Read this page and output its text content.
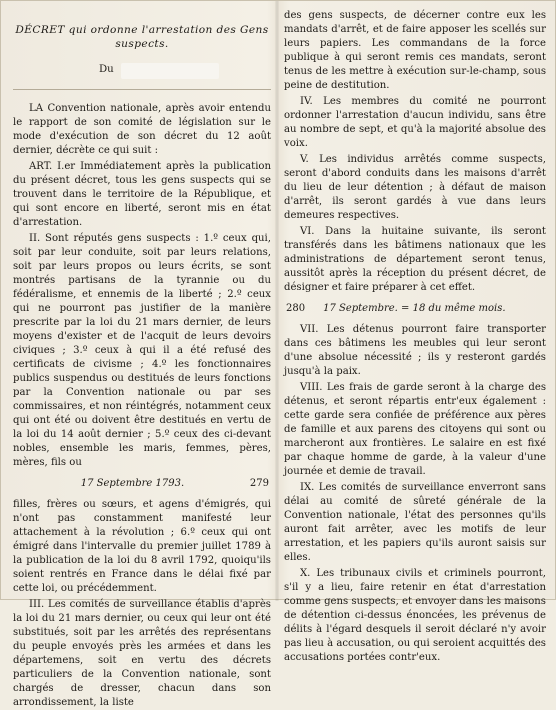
DÉCRET qui ordonne l'arrestation des Gens suspects.
Du

LA Convention nationale, après avoir entendu le rapport de son comité de législation sur le mode d'exécution de son décret du 12 août dernier, décrète ce qui suit :

ART. I.er Immédiatement après la publication du présent décret, tous les gens suspects qui se trouvent dans le territoire de la République, et qui sont encore en liberté, seront mis en état d'arrestation.

II. Sont réputés gens suspects : 1.º ceux qui, soit par leur conduite, soit par leurs relations, soit par leurs propos ou leurs écrits, se sont montrés partisans de la tyrannie ou du fédéralisme, et ennemis de la liberté ; 2.º ceux qui ne pourront pas justifier de la manière prescrite par la loi du 21 mars dernier, de leurs moyens d'exister et de l'acquit de leurs devoirs civiques ; 3.º ceux à qui il a été refusé des certificats de civisme ; 4.º les fonctionnaires publics suspendus ou destitués de leurs fonctions par la Convention nationale ou par ses commissaires, et non réintégrés, notamment ceux qui ont été ou doivent être destitués en vertu de la loi du 14 août dernier ; 5.º ceux des ci-devant nobles, ensemble les maris, femmes, pères, mères, fils ou

17 Septembre 1793.	279

filles, frères ou sœurs, et agens d'émigrés, qui n'ont pas constamment manifesté leur attachement à la révolution ; 6.º ceux qui ont émigré dans l'intervalle du premier juillet 1789 à la publication de la loi du 8 avril 1792, quoiqu'ils soient rentrés en France dans le délai fixé par cette loi, ou précédemment.

III. Les comités de surveillance établis d'après la loi du 21 mars dernier, ou ceux qui leur ont été substitués, soit par les arrêtés des représentans du peuple envoyés près les armées et dans les départemens, soit en vertu des décrets particuliers de la Convention nationale, sont chargés de dresser, chacun dans son arrondissement, la liste

des gens suspects, de décerner contre eux les mandats d'arrêt, et de faire apposer les scellés sur leurs papiers. Les commandans de la force publique à qui seront remis ces mandats, seront tenus de les mettre à exécution sur-le-champ, sous peine de destitution.

IV. Les membres du comité ne pourront ordonner l'arrestation d'aucun individu, sans être au nombre de sept, et qu'à la majorité absolue des voix.

V. Les individus arrêtés comme suspects, seront d'abord conduits dans les maisons d'arrêt du lieu de leur détention ; à défaut de maison d'arrêt, ils seront gardés à vue dans leurs demeures respectives.

VI. Dans la huitaine suivante, ils seront transférés dans les bâtimens nationaux que les administrations de département seront tenus, aussitôt après la réception du présent décret, de désigner et faire préparer à cet effet.

280	17 Septembre. = 18 du même mois.

VII. Les détenus pourront faire transporter dans ces bâtimens les meubles qui leur seront d'une absolue nécessité ; ils y resteront gardés jusqu'à la paix.

VIII. Les frais de garde seront à la charge des détenus, et seront répartis entr'eux également : cette garde sera confiée de préférence aux pères de famille et aux parens des citoyens qui sont ou marcheront aux frontières. Le salaire en est fixé par chaque homme de garde, à la valeur d'une journée et demie de travail.

IX. Les comités de surveillance enverront sans délai au comité de sûreté générale de la Convention nationale, l'état des personnes qu'ils auront fait arrêter, avec les motifs de leur arrestation, et les papiers qu'ils auront saisis sur elles.

X. Les tribunaux civils et criminels pourront, s'il y a lieu, faire retenir en état d'arrestation comme gens suspects, et envoyer dans les maisons de détention ci-dessus énoncées, les prévenus de délits à l'égard desquels il seroit déclaré n'y avoir pas lieu à accusation, ou qui seroient acquittés des accusations portées contr'eux.
